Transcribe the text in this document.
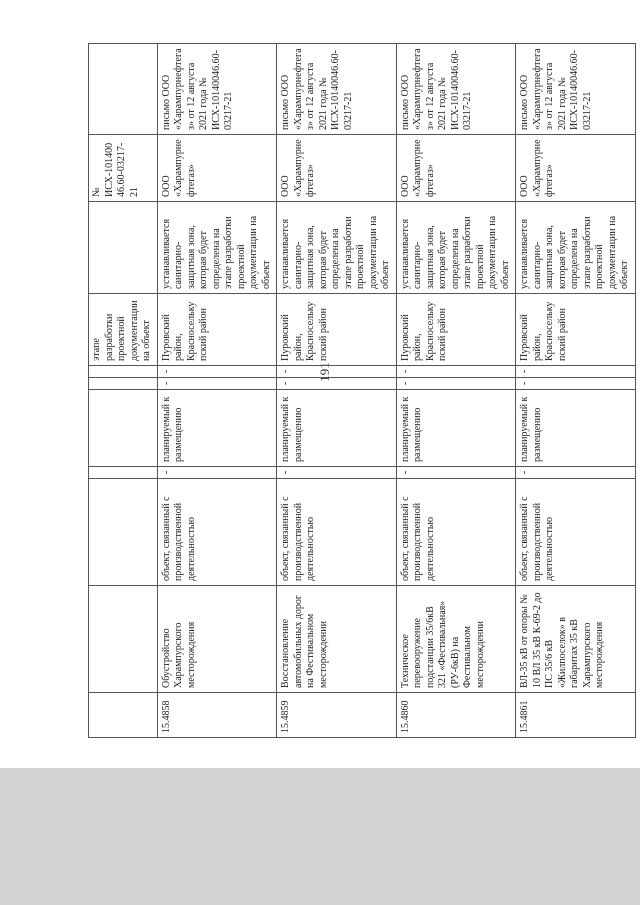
191
							этапе разработки проектной документации на объект		№ ИСХ-10140046.60-03217-21	
15.4858	Обустройство Харампурского месторождения	объект, связанный с производственной деятельностью	-	планируемый к размещению	-	-	Пуровский район, Красноселькупский район	устанавливается санитарно-защитная зона, которая будет определена на этапе разработки проектной документации на объект	ООО «Харампурнефтегаз»	письмо ООО «Харампурнефтегаз» от 12 августа 2021 года № ИСХ-10140046.60-03217-21
15.4859	Восстановление автомобильных дорог на Фестивальном месторождении	объект, связанный с производственной деятельностью	-	планируемый к размещению	-	-	Пуровский район, Красноселькупский район	устанавливается санитарно-защитная зона, которая будет определена на этапе разработки проектной документации на объект	ООО «Харампурнефтегаз»	письмо ООО «Харампурнефтегаз» от 12 августа 2021 года № ИСХ-10140046.60-03217-21
15.4860	Техническое перевооружение подстанции 35/6кВ 321 «Фестивальная» (РУ-6кВ) на Фестивальном месторождении	объект, связанный с производственной деятельностью	-	планируемый к размещению	-	-	Пуровский район, Красноселькупский район	устанавливается санитарно-защитная зона, которая будет определена на этапе разработки проектной документации на объект	ООО «Харампурнефтегаз»	письмо ООО «Харампурнефтегаз» от 12 августа 2021 года № ИСХ-10140046.60-03217-21
15.4861	ВЛ-35 кВ от опоры № 10 ВЛ 35 кВ К-69-2 до ПС 35/6 кВ «Жилпоселок» в габаритах 35 кВ Харампурского месторождения	объект, связанный с производственной деятельностью	-	планируемый к размещению	-	-	Пуровский район, Красноселькупский район	устанавливается санитарно-защитная зона, которая будет определена на этапе разработки проектной документации на объект	ООО «Харампурнефтегаз»	письмо ООО «Харампурнефтегаз» от 12 августа 2021 года № ИСХ-10140046.60-03217-21
